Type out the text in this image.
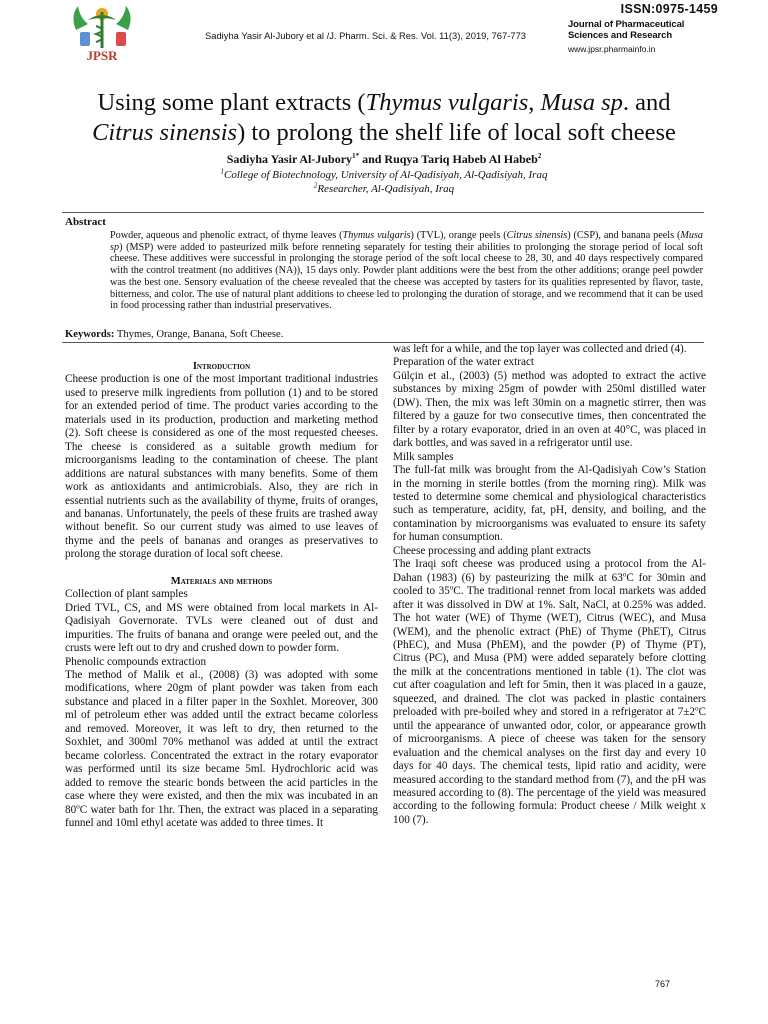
JPSR
Sadiyha Yasir Al-Jubory et al /J. Pharm. Sci. & Res. Vol. 11(3), 2019, 767-773
ISSN:0975-1459
Journal of Pharmaceutical
Sciences and Research
www.jpsr.pharmainfo.in
Using some plant extracts (Thymus vulgaris, Musa sp. and
Citrus sinensis) to prolong the shelf life of local soft cheese
Sadiyha Yasir Al-Jubory$^{1*}$ and Ruqya Tariq Habeb Al Habeb$^2$
$^1$College of Biotechnology, University of Al-Qadisiyah, Al-Qadisiyah, Iraq
$^2$Researcher, Al-Qadisiyah, Iraq
Abstract
Powder, aqueous and phenolic extract, of thyme leaves (Thymus vulgaris) (TVL), orange peels (Citrus sinensis) (CSP), and banana peels (Musa sp) (MSP) were added to pasteurized milk before renneting separately for testing their abilities to prolonging the storage period of local soft cheese. These additives were successful in prolonging the storage period of the soft local cheese to 28, 30, and 40 days respectively compared with the control treatment (no additives (NA)), 15 days only. Powder plant additions were the best from the other additions; orange peel powder was the best one. Sensory evaluation of the cheese revealed that the cheese was accepted by tasters for its qualities represented by flavor, taste, bitterness, and color. The use of natural plant additions to cheese led to prolonging the duration of storage, and we recommend that it can be used in food processing rather than industrial preservatives.
Keywords: Thymes, Orange, Banana, Soft Cheese.

Introduction

Cheese production is one of the most important traditional industries used to preserve milk ingredients from pollution (1) and to be stored for an extended period of time. The product varies according to the materials used in its production, production and marketing method (2). Soft cheese is considered as one of the most requested cheeses. The cheese is considered as a suitable growth medium for microorganisms leading to the contamination of cheese. The plant additions are natural substances with many benefits. Some of them work as antioxidants and antimicrobials. Also, they are rich in essential nutrients such as the availability of thyme, fruits of oranges, and bananas. Unfortunately, the peels of these fruits are trashed away without benefit. So our current study was aimed to use leaves of thyme and the peels of bananas and oranges as preservatives to prolong the storage duration of local soft cheese.

Materials and methods

Collection of plant samples

Dried TVL, CS, and MS were obtained from local markets in Al-Qadisiyah Governorate. TVLs were cleaned out of dust and impurities. The fruits of banana and orange were peeled out, and the crusts were left out to dry and crushed down to powder form.

Phenolic compounds extraction

The method of Malik et al., (2008) (3) was adopted with some modifications, where 20gm of plant powder was taken from each substance and placed in a filter paper in the Soxhlet. Moreover, 300 ml of petroleum ether was added until the extract became colorless and removed. Moreover, it was left to dry, then returned to the Soxhlet, and 300ml 70% methanol was added at until the extract became colorless. Concentrated the extract in the rotary evaporator was performed until its size became 5ml. Hydrochloric acid was added to remove the stearic bonds between the acid particles in the case where they were existed, and then the mix was incubated in an 80$^o$C water bath for 1hr. Then, the extract was placed in a separating funnel and 10ml ethyl acetate was added to three times. It

was left for a while, and the top layer was collected and dried (4).

Preparation of the water extract

Gülçin et al., (2003) (5) method was adopted to extract the active substances by mixing 25gm of powder with 250ml distilled water (DW). Then, the mix was left 30min on a magnetic stirrer, then was filtered by a gauze for two consecutive times, then concentrated the filter by a rotary evaporator, dried in an oven at 40°C, was placed in dark bottles, and was saved in a refrigerator until use.

Milk samples

The full-fat milk was brought from the Al-Qadisiyah Cow’s Station in the morning in sterile bottles (from the morning ring). Milk was tested to determine some chemical and physiological characteristics such as temperature, acidity, fat, pH, density, and boiling, and the contamination by microorganisms was evaluated to ensure its safety for human consumption.

Cheese processing and adding plant extracts

The Iraqi soft cheese was produced using a protocol from the Al-Dahan (1983) (6) by pasteurizing the milk at 63$^o$C for 30min and cooled to 35$^o$C. The traditional rennet from local markets was added after it was dissolved in DW at 1%. Salt, NaCl, at 0.25% was added. The hot water (WE) of Thyme (WET), Citrus (WEC), and Musa (WEM), and the phenolic extract (PhE) of Thyme (PhET), Citrus (PhEC), and Musa (PhEM), and the powder (P) of Thyme (PT), Citrus (PC), and Musa (PM) were added separately before clotting the milk at the concentrations mentioned in table (1). The clot was cut after coagulation and left for 5min, then it was placed in a gauze, squeezed, and drained. The clot was packed in plastic containers preloaded with pre-boiled whey and stored in a refrigerator at $7\pm 2^oC$ until the appearance of unwanted odor, color, or appearance growth of microorganisms. A piece of cheese was taken for the sensory evaluation and the chemical analyses on the first day and every 10 days for 40 days. The chemical tests, lipid ratio and acidity, were measured according to the standard method from (7), and the pH was measured according to (8). The percentage of the yield was measured according to the following formula: Product cheese / Milk weight x 100 (7).

767
